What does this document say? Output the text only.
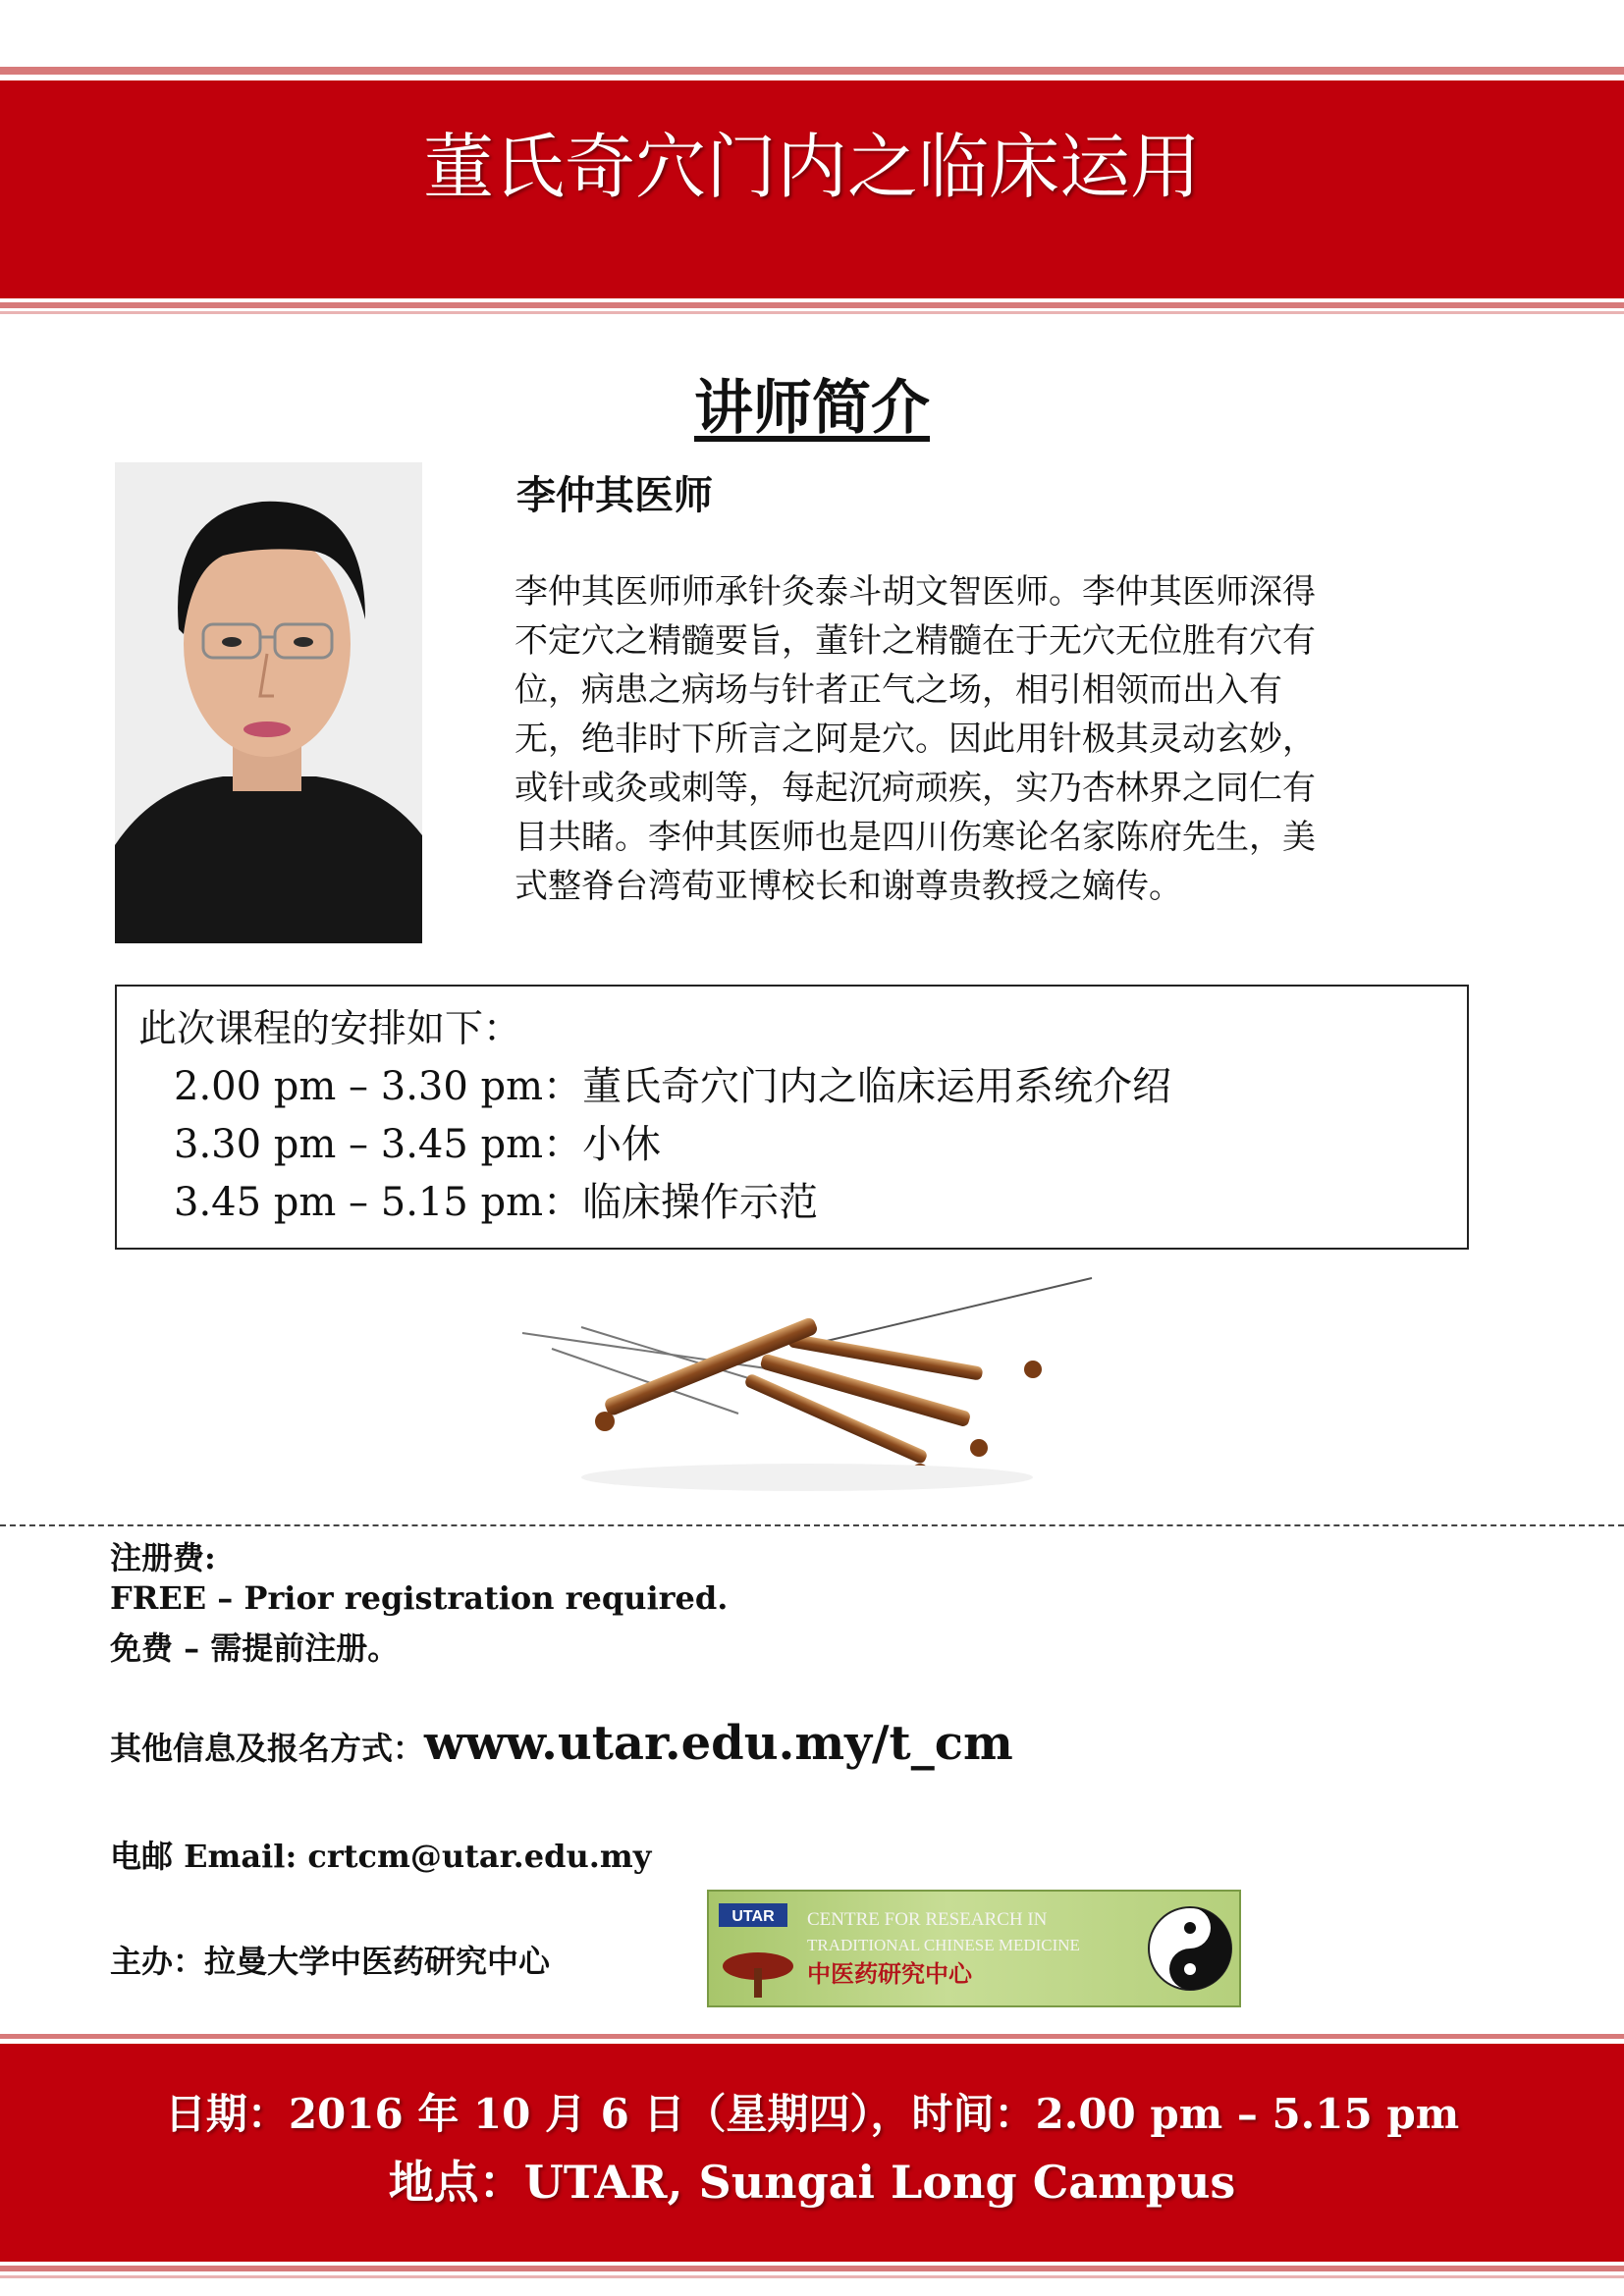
董氏奇穴门内之临床运用
讲师简介
李仲其医师
李仲其医师师承针灸泰斗胡文智医师。李仲其医师深得
不定穴之精髓要旨，董针之精髓在于无穴无位胜有穴有
位，病患之病场与针者正气之场，相引相领而出入有
无，绝非时下所言之阿是穴。因此用针极其灵动玄妙，
或针或灸或刺等，每起沉疴顽疾，实乃杏林界之同仁有
目共睹。李仲其医师也是四川伤寒论名家陈府先生，美
式整脊台湾荀亚博校长和谢尊贵教授之嫡传。
此次课程的安排如下：
2.00 pm – 3.30 pm：董氏奇穴门内之临床运用系统介绍
3.30 pm – 3.45 pm：小休
3.45 pm – 5.15 pm：临床操作示范
注册费:
FREE – Prior registration required.
免费 – 需提前注册。
其他信息及报名方式：www.utar.edu.my/t_cm
电邮 Email: crtcm@utar.edu.my
主办：拉曼大学中医药研究中心
UTAR CENTRE FOR RESEARCH IN
TRADITIONAL CHINESE MEDICINE
中医药研究中心
日期：2016 年 10 月 6 日（星期四），时间：2.00 pm – 5.15 pm
地点：UTAR, Sungai Long Campus
